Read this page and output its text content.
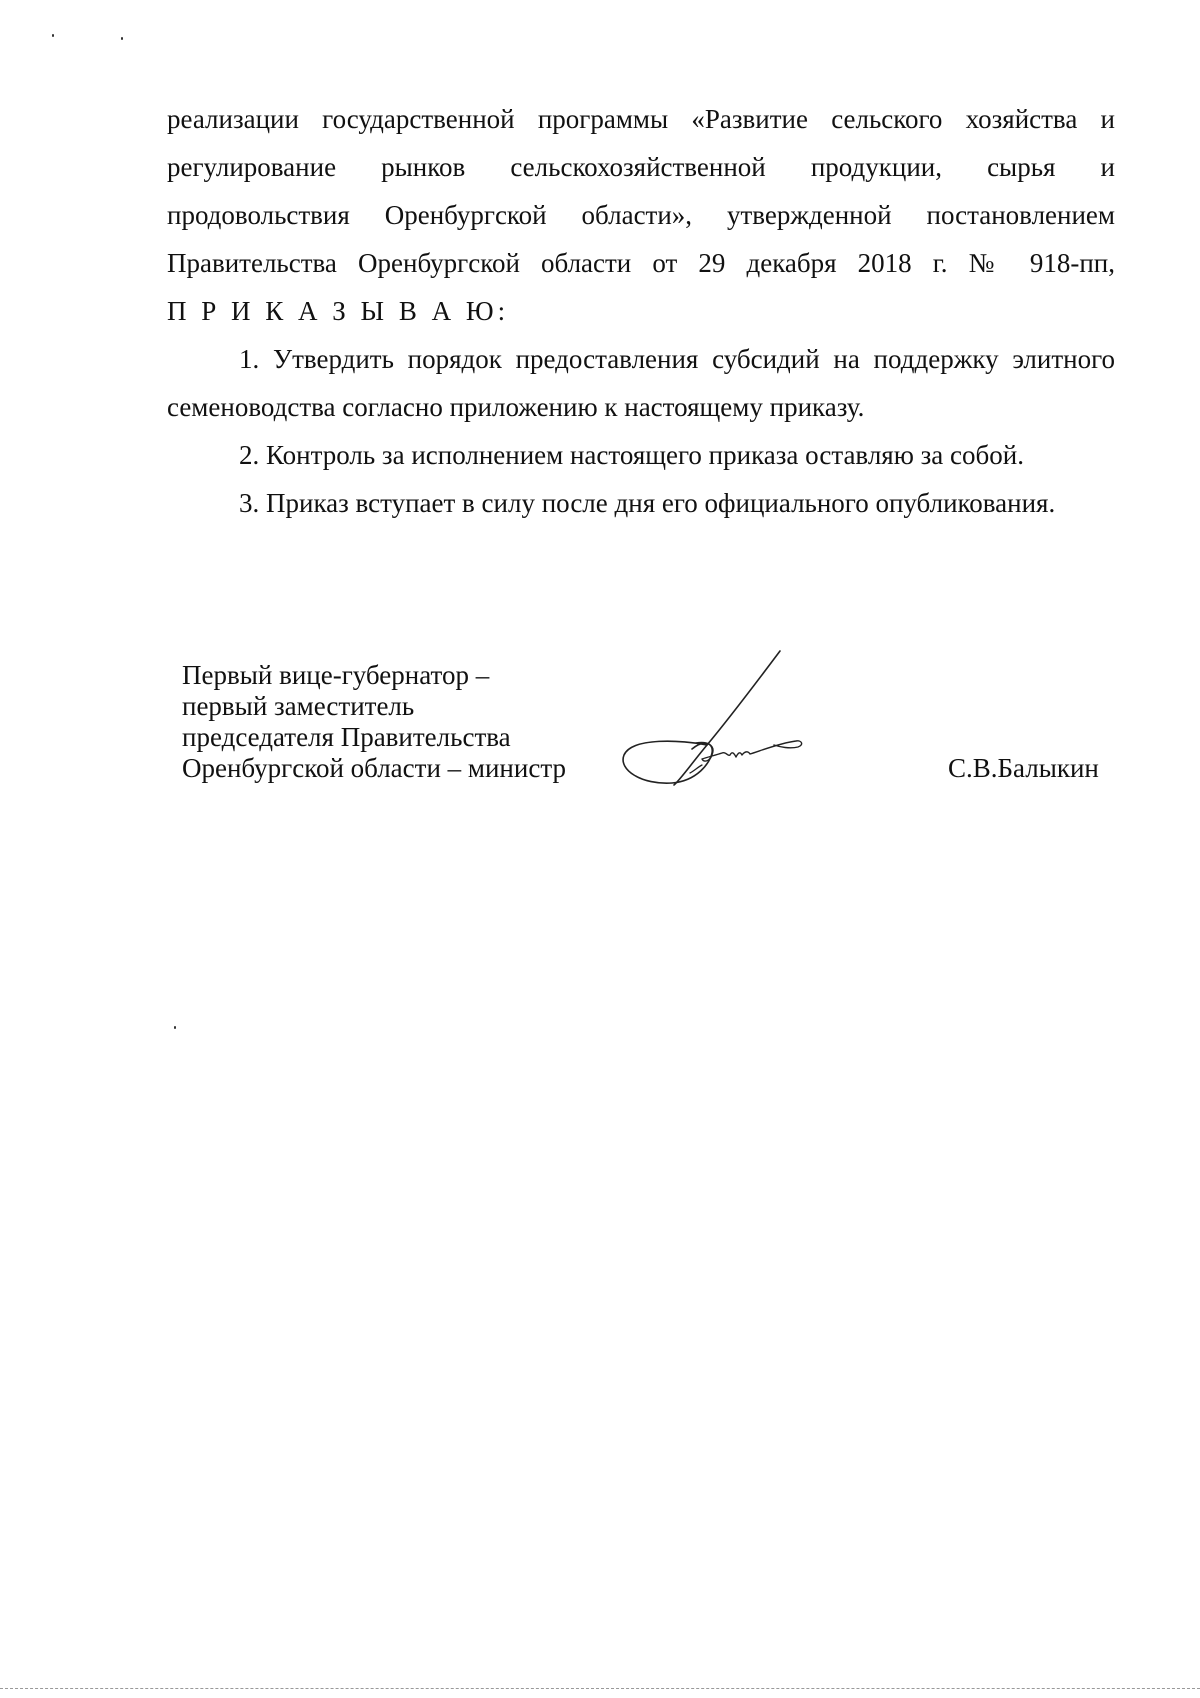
реализации государственной программы «Развитие сельского хозяйства и
регулирование рынков сельскохозяйственной продукции, сырья и
продовольствия Оренбургской области», утвержденной постановлением
Правительства Оренбургской области от 29 декабря 2018 г. № 918-пп,
П Р И К А З Ы В А Ю:
1. Утвердить порядок предоставления субсидий на поддержку элитного
семеноводства согласно приложению к настоящему приказу.
2. Контроль за исполнением настоящего приказа оставляю за собой.
3. Приказ вступает в силу после дня его официального опубликования.
Первый вице-губернатор –
первый заместитель
председателя Правительства
Оренбургской области – министр	С.В.Балыкин
